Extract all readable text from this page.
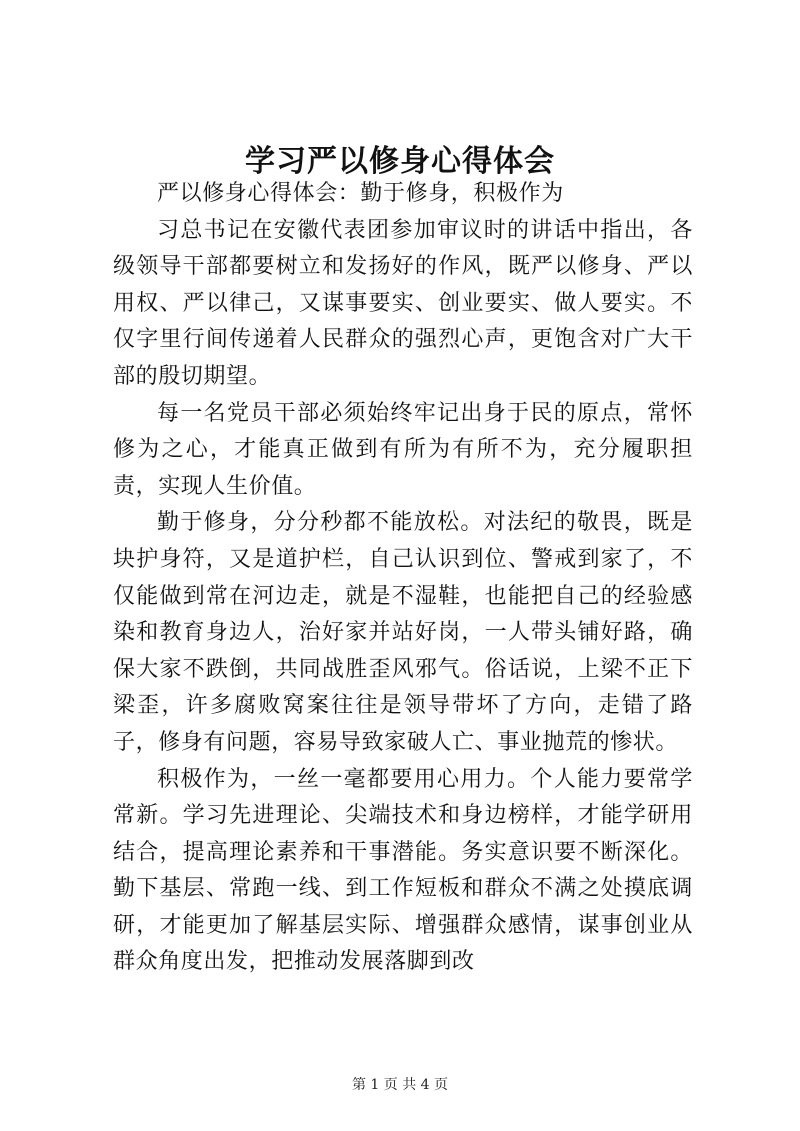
学习严以修身心得体会

严以修身心得体会：勤于修身，积极作为

习总书记在安徽代表团参加审议时的讲话中指出，各级领导干部都要树立和发扬好的作风，既严以修身、严以用权、严以律己，又谋事要实、创业要实、做人要实。不仅字里行间传递着人民群众的强烈心声，更饱含对广大干部的殷切期望。

每一名党员干部必须始终牢记出身于民的原点，常怀修为之心，才能真正做到有所为有所不为，充分履职担责，实现人生价值。

勤于修身，分分秒都不能放松。对法纪的敬畏，既是块护身符，又是道护栏，自己认识到位、警戒到家了，不仅能做到常在河边走，就是不湿鞋，也能把自己的经验感染和教育身边人，治好家并站好岗，一人带头铺好路，确保大家不跌倒，共同战胜歪风邪气。俗话说，上梁不正下梁歪，许多腐败窝案往往是领导带坏了方向，走错了路子，修身有问题，容易导致家破人亡、事业抛荒的惨状。

积极作为，一丝一毫都要用心用力。个人能力要常学常新。学习先进理论、尖端技术和身边榜样，才能学研用结合，提高理论素养和干事潜能。务实意识要不断深化。勤下基层、常跑一线、到工作短板和群众不满之处摸底调研，才能更加了解基层实际、增强群众感情，谋事创业从群众角度出发，把推动发展落脚到改

第 1 页 共 4 页
